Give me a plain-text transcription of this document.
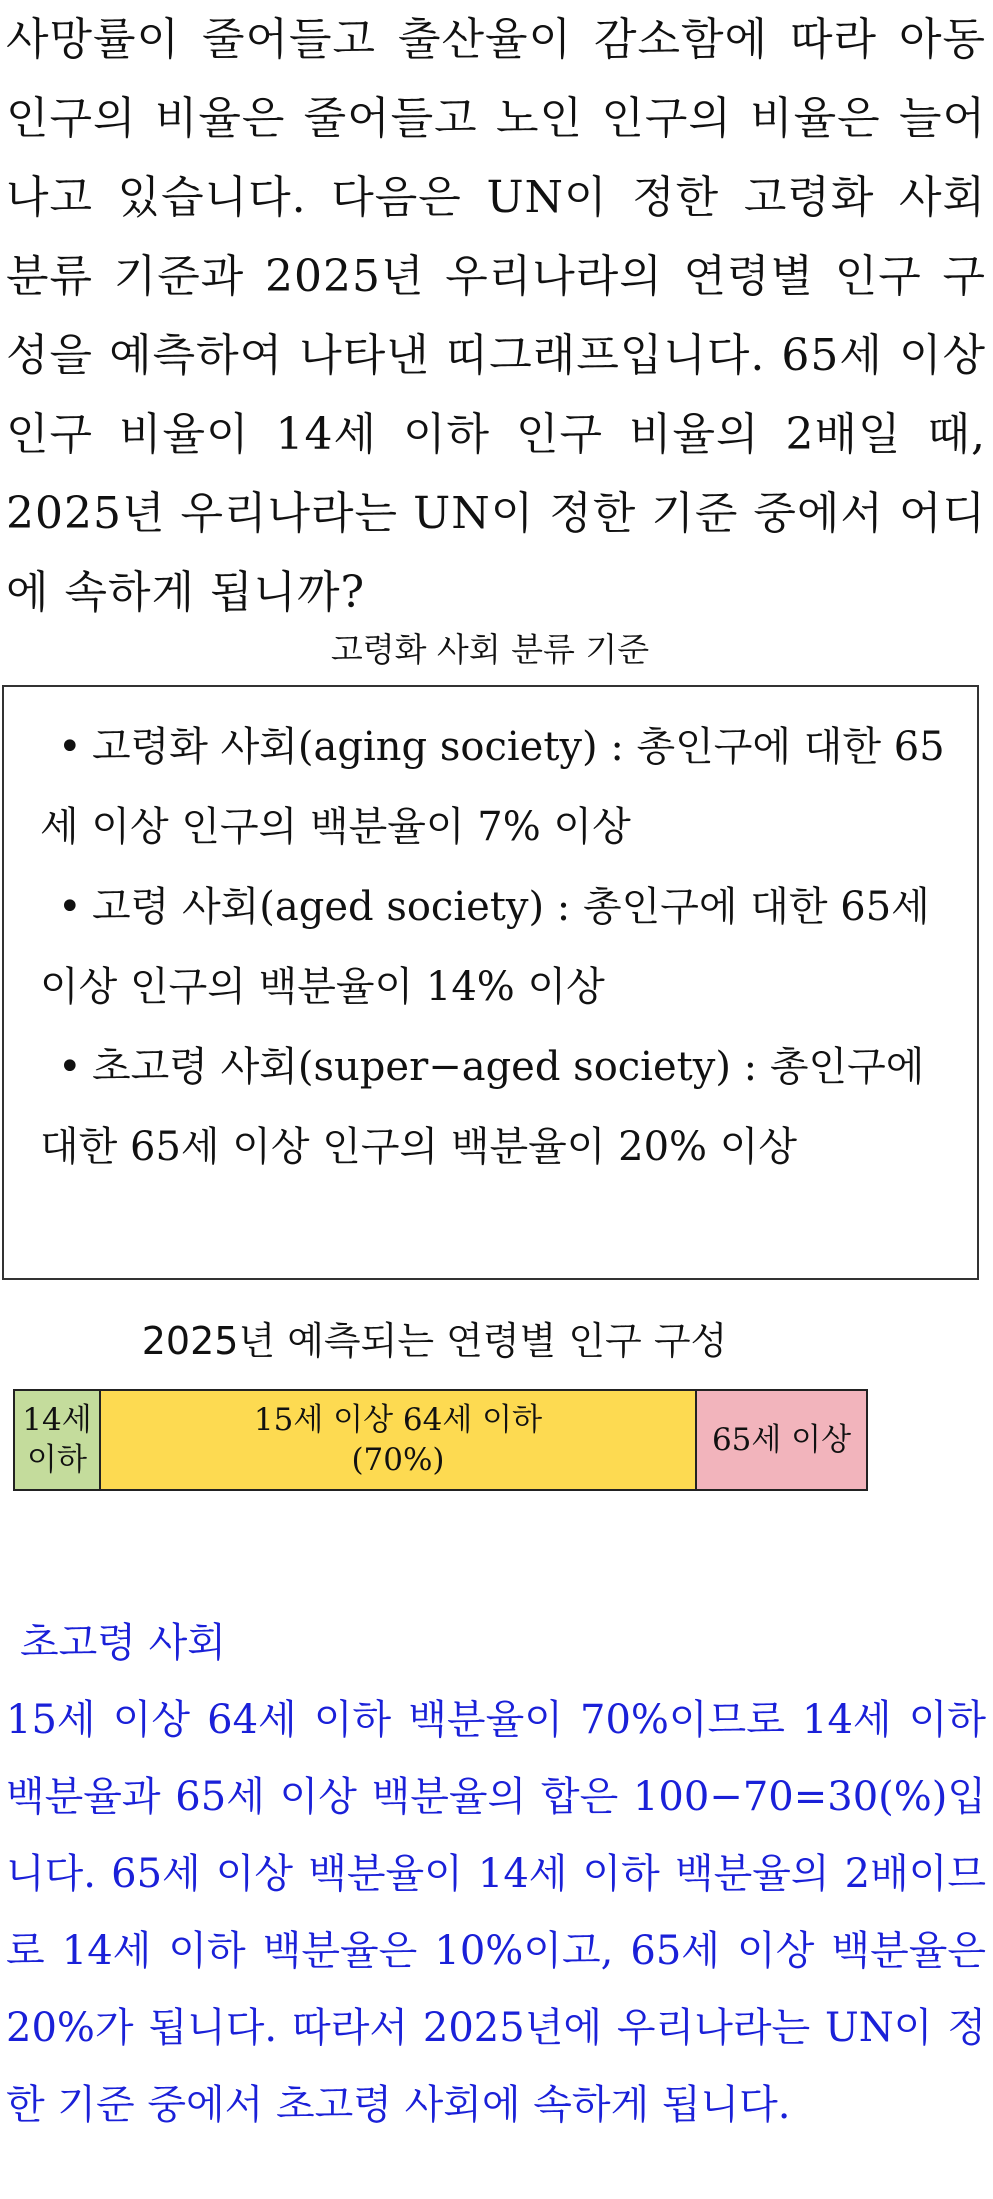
사망률이 줄어들고 출산율이 감소함에 따라 아동 인구의 비율은 줄어들고 노인 인구의 비율은 늘어나고 있습니다. 다음은 UN이 정한 고령화 사회 분류 기준과 2025년 우리나라의 연령별 인구 구성을 예측하여 나타낸 띠그래프입니다. 65세 이상 인구 비율이 14세 이하 인구 비율의 2배일 때, 2025년 우리나라는 UN이 정한 기준 중에서 어디에 속하게 됩니까?
고령화 사회 분류 기준
• 고령화 사회(aging society) : 총인구에 대한 65세 이상 인구의 백분율이 7% 이상
• 고령 사회(aged society) : 총인구에 대한 65세 이상 인구의 백분율이 14% 이상
• 초고령 사회(super−aged society) : 총인구에 대한 65세 이상 인구의 백분율이 20% 이상
2025년 예측되는 연령별 인구 구성
14세 이하
15세 이상 64세 이하
(70%)
65세 이상

초고령 사회

15세 이상 64세 이하 백분율이 70%이므로 14세 이하 백분율과 65세 이상 백분율의 합은 100−70=30(%)입니다. 65세 이상 백분율이 14세 이하 백분율의 2배이므로 14세 이하 백분율은 10%이고, 65세 이상 백분율은 20%가 됩니다. 따라서 2025년에 우리나라는 UN이 정한 기준 중에서 초고령 사회에 속하게 됩니다.
